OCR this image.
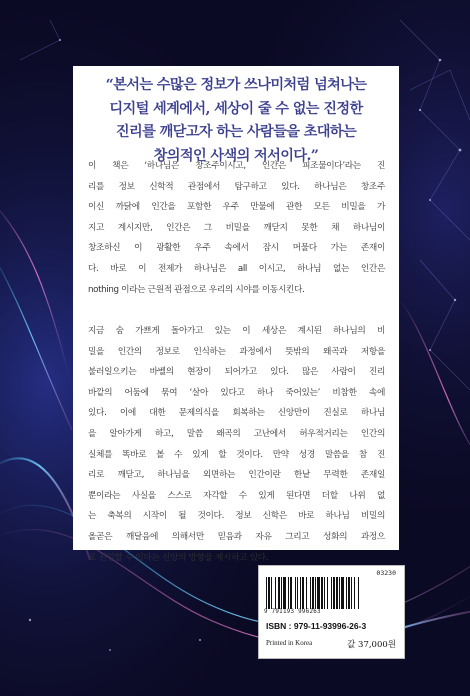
“본서는 수많은 정보가 쓰나미처럼 넘쳐나는
디지털 세계에서, 세상이 줄 수 없는 진정한
진리를 깨닫고자 하는 사람들을 초대하는
창의적인 사색의 저서이다.”

이 책은 ‘하나님은 창조주이시고, 인간은 피조물이다’라는 진
리를 정보 신학적 관점에서 탐구하고 있다. 하나님은 창조주
이신 까닭에 인간을 포함한 우주 만물에 관한 모든 비밀을 가
지고 계시지만, 인간은 그 비밀을 깨닫지 못한 채 하나님이
창조하신 이 광활한 우주 속에서 잠시 머물다 가는 존재이
다. 바로 이 전제가 하나님은 all 이시고, 하나님 없는 인간은
nothing 이라는 근원적 관점으로 우리의 시야를 이동시킨다.
지금 숨 가쁘게 돌아가고 있는 이 세상은 계시된 하나님의 비
밀을 인간의 정보로 인식하는 과정에서 뜻밖의 왜곡과 저항을
불러일으키는 바벨의 현장이 되어가고 있다. 많은 사람이 진리
바깥의 어둠에 묶여 ‘살아 있다고 하나 죽어있는’ 비참한 속에
있다. 이에 대한 문제의식을 회복하는 신앙만이 진실로 하나님
을 알아가게 하고, 말씀 왜곡의 고난에서 허우적거리는 인간의
실체를 똑바로 볼 수 있게 할 것이다. 만약 성경 말씀을 참 진
리로 깨닫고, 하나님을 외면하는 인간이란 한낱 무력한 존재일
뿐이라는 사실을 스스로 자각할 수 있게 된다면 더할 나위 없
는 축복의 시작이 될 것이다. 정보 신학은 바로 하나님 비밀의
올곧은 깨달음에 의해서만 믿음과 자유 그리고 성화의 과정으
로 진입할 수 있다는 신앙의 방향을 제시하고 있다.
03230
9 791193 996263
ISBN : 979-11-93996-26-3
Printed in Korea	값 37,000원
